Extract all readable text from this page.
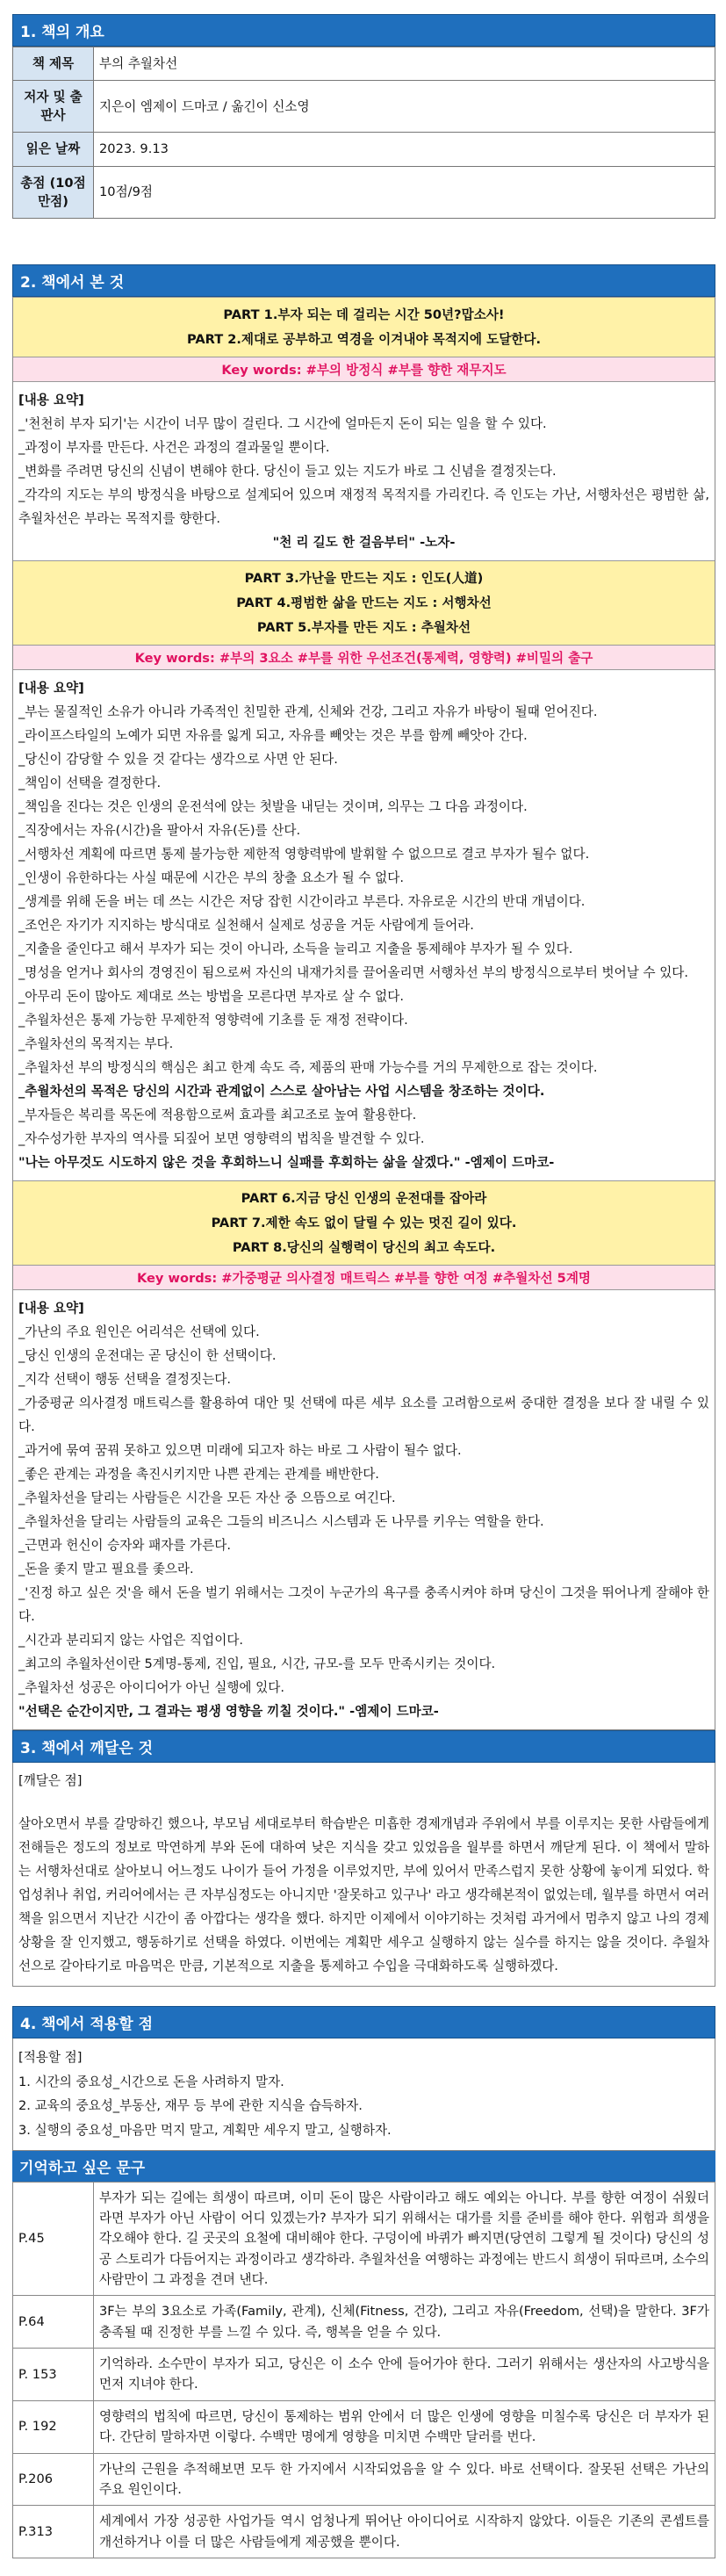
1. 책의 개요
책 제목	부의 추월차선
저자 및 출판사	지은이 엠제이 드마코 / 옮긴이 신소영
읽은 날짜	2023. 9.13
총점 (10점 만점)	10점/9점
2. 책에서 본 것
PART 1.부자 되는 데 걸리는 시간 50년?맙소사!
PART 2.제대로 공부하고 역경을 이겨내야 목적지에 도달한다.
Key words: #부의 방정식 #부를 향한 재무지도

[내용 요약]

_'천천히 부자 되기'는 시간이 너무 많이 걸린다. 그 시간에 얼마든지 돈이 되는 일을 할 수 있다.

_과정이 부자를 만든다. 사건은 과정의 결과물일 뿐이다.

_변화를 주려면 당신의 신념이 변해야 한다. 당신이 들고 있는 지도가 바로 그 신념을 결정짓는다.

_각각의 지도는 부의 방정식을 바탕으로 설계되어 있으며 재정적 목적지를 가리킨다. 즉 인도는 가난, 서행차선은 평범한 삶, 추월차선은 부라는 목적지를 향한다.

"천 리 길도 한 걸음부터" -노자-

PART 3.가난을 만드는 지도 : 인도(人道)
PART 4.평범한 삶을 만드는 지도 : 서행차선
PART 5.부자를 만든 지도 : 추월차선
Key words: #부의 3요소 #부를 위한 우선조건(통제력, 영향력) #비밀의 출구

[내용 요약]

_부는 물질적인 소유가 아니라 가족적인 친밀한 관계, 신체와 건강, 그리고 자유가 바탕이 될때 얻어진다.

_라이프스타일의 노예가 되면 자유를 잃게 되고, 자유를 빼앗는 것은 부를 함께 빼앗아 간다.

_당신이 감당할 수 있을 것 같다는 생각으로 사면 안 된다.

_책임이 선택을 결정한다.

_책임을 진다는 것은 인생의 운전석에 앉는 첫발을 내딛는 것이며, 의무는 그 다음 과정이다.

_직장에서는 자유(시간)을 팔아서 자유(돈)를 산다.

_서행차선 계획에 따르면 통제 불가능한 제한적 영향력밖에 발휘할 수 없으므로 결코 부자가 될수 없다.

_인생이 유한하다는 사실 때문에 시간은 부의 창출 요소가 될 수 없다.

_생계를 위해 돈을 버는 데 쓰는 시간은 저당 잡힌 시간이라고 부른다. 자유로운 시간의 반대 개념이다.

_조언은 자기가 지지하는 방식대로 실천해서 실제로 성공을 거둔 사람에게 들어라.

_지출을 줄인다고 해서 부자가 되는 것이 아니라, 소득을 늘리고 지출을 통제해야 부자가 될 수 있다.

_명성을 얻거나 회사의 경영진이 됨으로써 자신의 내재가치를 끌어올리면 서행차선 부의 방정식으로부터 벗어날 수 있다.

_아무리 돈이 많아도 제대로 쓰는 방법을 모른다면 부자로 살 수 없다.

_추월차선은 통제 가능한 무제한적 영향력에 기초를 둔 재정 전략이다.

_추월차선의 목적지는 부다.

_추월차선 부의 방정식의 핵심은 최고 한계 속도 즉, 제품의 판매 가능수를 거의 무제한으로 잡는 것이다.

_추월차선의 목적은 당신의 시간과 관계없이 스스로 살아남는 사업 시스템을 창조하는 것이다.

_부자들은 복리를 목돈에 적용함으로써 효과를 최고조로 높여 활용한다.

_자수성가한 부자의 역사를 되짚어 보면 영향력의 법칙을 발견할 수 있다.

"나는 아무것도 시도하지 않은 것을 후회하느니 실패를 후회하는 삶을 살겠다." -엠제이 드마코-

PART 6.지금 당신 인생의 운전대를 잡아라
PART 7.제한 속도 없이 달릴 수 있는 멋진 길이 있다.
PART 8.당신의 실행력이 당신의 최고 속도다.
Key words: #가중평균 의사결정 매트릭스 #부를 향한 여정 #추월차선 5계명

[내용 요약]

_가난의 주요 원인은 어리석은 선택에 있다.

_당신 인생의 운전대는 곧 당신이 한 선택이다.

_지각 선택이 행동 선택을 결정짓는다.

_가중평균 의사결정 매트릭스를 활용하여 대안 및 선택에 따른 세부 요소를 고려함으로써 중대한 결정을 보다 잘 내릴 수 있다.

_과거에 묶여 꿈꿔 못하고 있으면 미래에 되고자 하는 바로 그 사람이 될수 없다.

_좋은 관계는 과정을 촉진시키지만 나쁜 관계는 관계를 배반한다.

_추월차선을 달리는 사람들은 시간을 모든 자산 중 으뜸으로 여긴다.

_추월차선을 달리는 사람들의 교육은 그들의 비즈니스 시스템과 돈 나무를 키우는 역할을 한다.

_근면과 헌신이 승자와 패자를 가른다.

_돈을 좇지 말고 필요를 좇으라.

_'진정 하고 싶은 것'을 해서 돈을 벌기 위해서는 그것이 누군가의 욕구를 충족시켜야 하며 당신이 그것을 뛰어나게 잘해야 한다.

_시간과 분리되지 않는 사업은 직업이다.

_최고의 추월차선이란 5계명-통제, 진입, 필요, 시간, 규모-를 모두 만족시키는 것이다.

_추월차선 성공은 아이디어가 아닌 실행에 있다.

"선택은 순간이지만, 그 결과는 평생 영향을 끼칠 것이다." -엠제이 드마코-

3. 책에서 깨달은 것

[깨달은 점]

살아오면서 부를 갈망하긴 했으나, 부모님 세대로부터 학습받은 미흡한 경제개념과 주위에서 부를 이루지는 못한 사람들에게 전해들은 정도의 정보로 막연하게 부와 돈에 대하여 낮은 지식을 갖고 있었음을 월부를 하면서 깨닫게 된다. 이 책에서 말하는 서행차선대로 살아보니 어느정도 나이가 들어 가정을 이루었지만, 부에 있어서 만족스럽지 못한 상황에 놓이게 되었다. 학업성취나 취업, 커리어에서는 큰 자부심정도는 아니지만 '잘못하고 있구나' 라고 생각해본적이 없었는데, 월부를 하면서 여러 책을 읽으면서 지난간 시간이 좀 아깝다는 생각을 했다. 하지만 이제에서 이야기하는 것처럼 과거에서 멈추지 않고 나의 경제상황을 잘 인지했고, 행동하기로 선택을 하였다. 이번에는 계획만 세우고 실행하지 않는 실수를 하지는 않을 것이다. 추월차선으로 갈아타기로 마음먹은 만큼, 기본적으로 지출을 통제하고 수입을 극대화하도록 실행하겠다.

4. 책에서 적용할 점

[적용할 점]

1. 시간의 중요성_시간으로 돈을 사려하지 말자.

2. 교육의 중요성_부동산, 재무 등 부에 관한 지식을 습득하자.

3. 실행의 중요성_마음만 먹지 말고, 계획만 세우지 말고, 실행하자.

기억하고 싶은 문구
P.45	부자가 되는 길에는 희생이 따르며, 이미 돈이 많은 사람이라고 해도 예외는 아니다. 부를 향한 여정이 쉬웠더라면 부자가 아닌 사람이 어디 있겠는가? 부자가 되기 위해서는 대가를 치를 준비를 해야 한다. 위험과 희생을 각오해야 한다. 길 곳곳의 요철에 대비해야 한다. 구덩이에 바퀴가 빠지면(당연히 그렇게 될 것이다) 당신의 성공 스토리가 다듬어지는 과정이라고 생각하라. 추월차선을 여행하는 과정에는 반드시 희생이 뒤따르며, 소수의 사람만이 그 과정을 견뎌 낸다.
P.64	3F는 부의 3요소로 가족(Family, 관계), 신체(Fitness, 건강), 그리고 자유(Freedom, 선택)을 말한다. 3F가 충족될 때 진정한 부를 느낄 수 있다. 즉, 행복을 얻을 수 있다.
P. 153	기억하라. 소수만이 부자가 되고, 당신은 이 소수 안에 들어가야 한다. 그러기 위해서는 생산자의 사고방식을 먼저 지녀야 한다.
P. 192	영향력의 법칙에 따르면, 당신이 통제하는 범위 안에서 더 많은 인생에 영향을 미칠수록 당신은 더 부자가 된다. 간단히 말하자면 이렇다. 수백만 명에게 영향을 미치면 수백만 달러를 번다.
P.206	가난의 근원을 추적해보면 모두 한 가지에서 시작되었음을 알 수 있다. 바로 선택이다. 잘못된 선택은 가난의 주요 원인이다.
P.313	세계에서 가장 성공한 사업가들 역시 엄청나게 뛰어난 아이디어로 시작하지 않았다. 이들은 기존의 콘셉트를 개선하거나 이를 더 많은 사람들에게 제공했을 뿐이다.
